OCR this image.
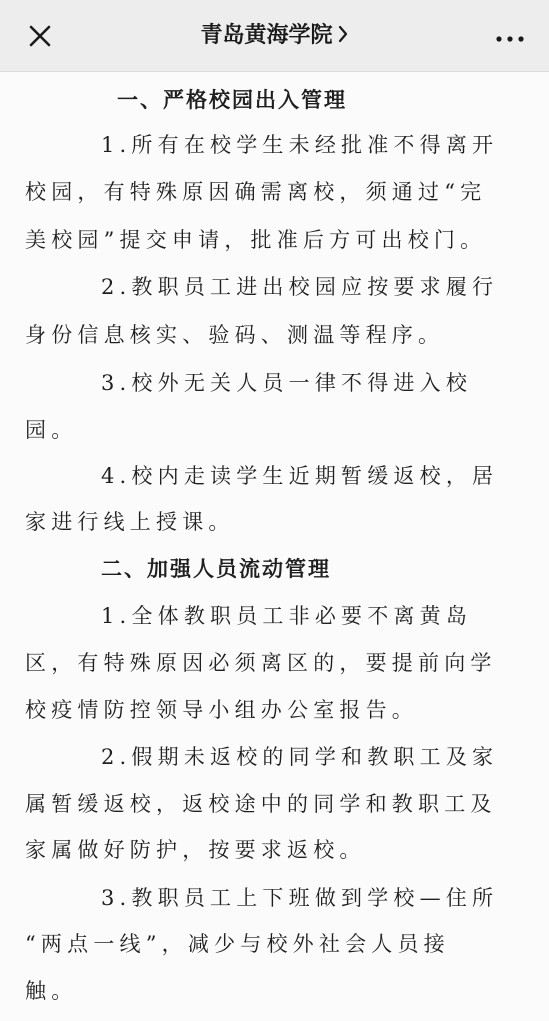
青岛黄海学院
一、严格校园出入管理
1.所有在校学生未经批准不得离开
校园，有特殊原因确需离校，须通过“完
美校园”提交申请，批准后方可出校门。
2.教职员工进出校园应按要求履行
身份信息核实、验码、测温等程序。
3.校外无关人员一律不得进入校
园。
4.校内走读学生近期暂缓返校，居
家进行线上授课。
二、加强人员流动管理
1.全体教职员工非必要不离黄岛
区，有特殊原因必须离区的，要提前向学
校疫情防控领导小组办公室报告。
2.假期未返校的同学和教职工及家
属暂缓返校，返校途中的同学和教职工及
家属做好防护，按要求返校。
3.教职员工上下班做到学校—住所
“两点一线”，减少与校外社会人员接
触。
